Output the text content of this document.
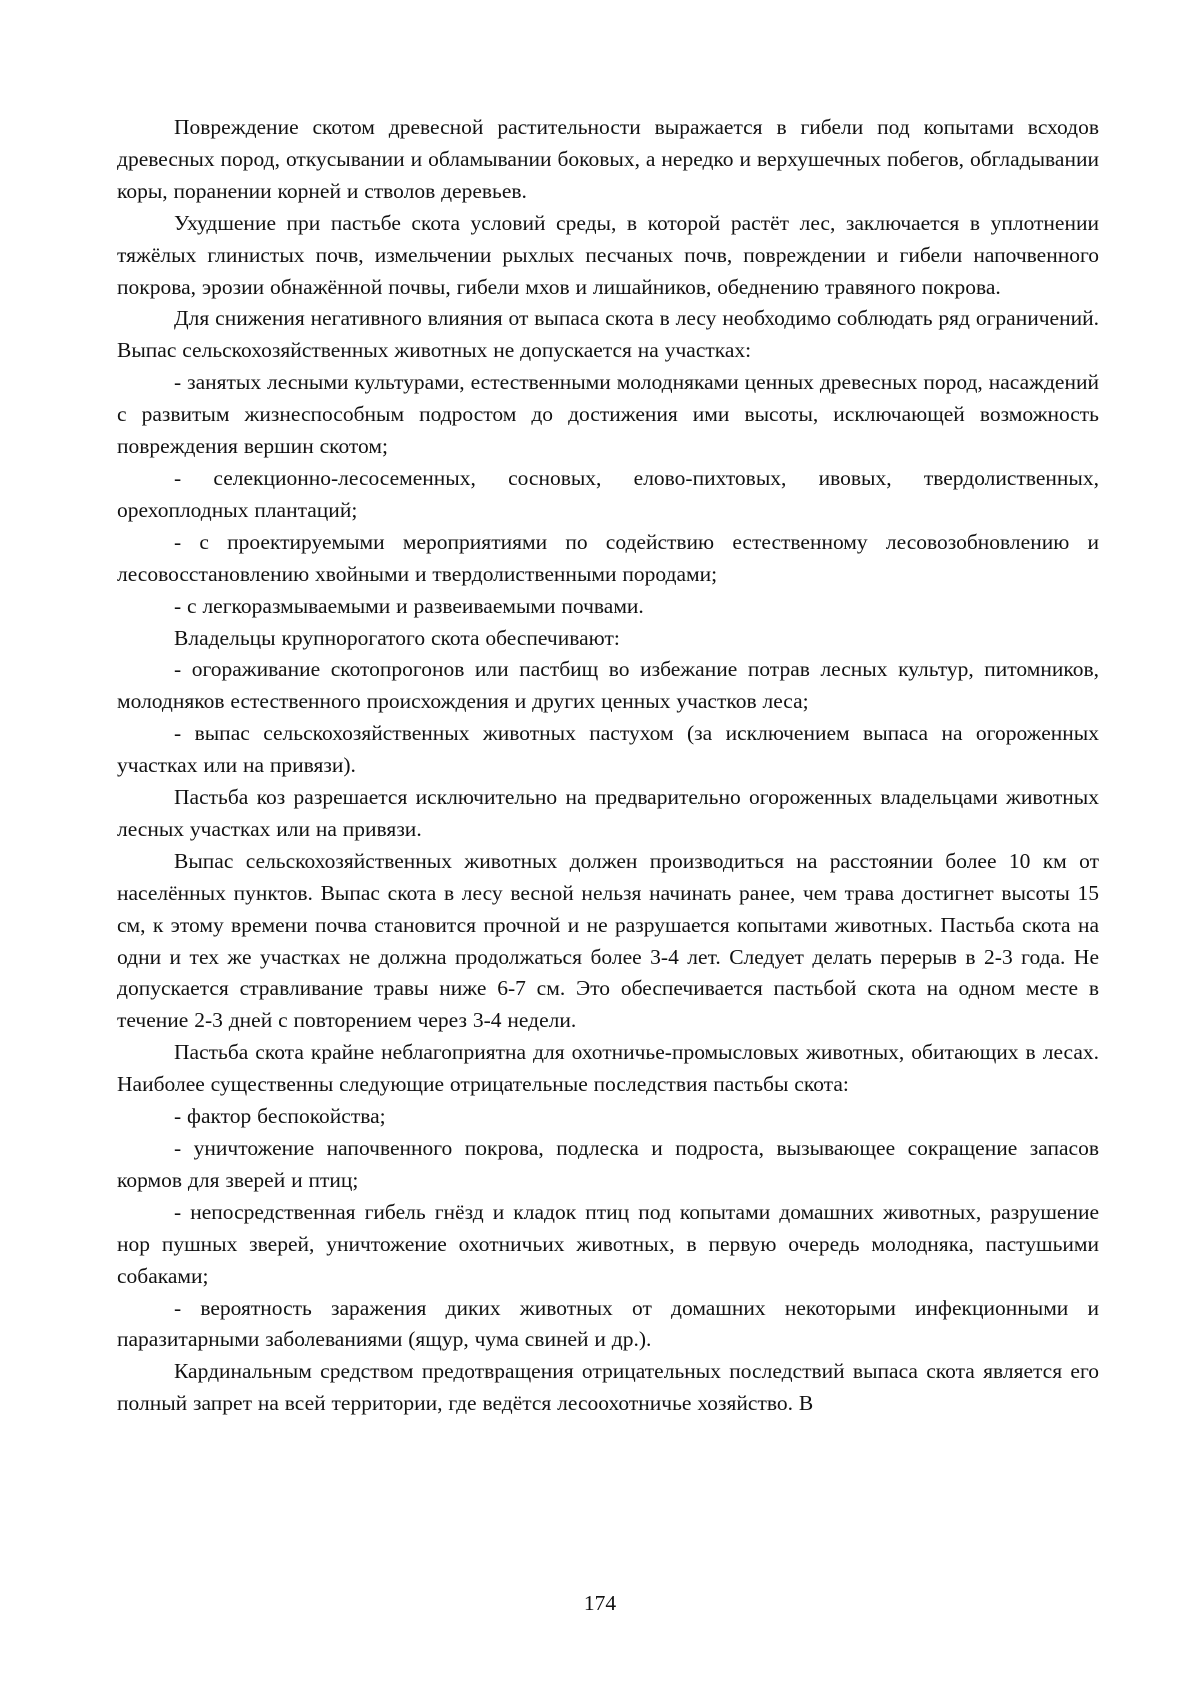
Повреждение скотом древесной растительности выражается в гибели под копытами всходов древесных пород, откусывании и обламывании боковых, а нередко и верхушечных побегов, обгладывании коры, поранении корней и стволов деревьев.

Ухудшение при пастьбе скота условий среды, в которой растёт лес, заключается в уплотнении тяжёлых глинистых почв, измельчении рыхлых песчаных почв, повреждении и гибели напочвенного покрова, эрозии обнажённой почвы, гибели мхов и лишайников, обеднению травяного покрова.

Для снижения негативного влияния от выпаса скота в лесу необходимо соблюдать ряд ограничений. Выпас сельскохозяйственных животных не допускается на участках:

- занятых лесными культурами, естественными молодняками ценных древесных пород, насаждений с развитым жизнеспособным подростом до достижения ими высоты, исключающей возможность повреждения вершин скотом;

- селекционно-лесосеменных, сосновых, елово-пихтовых, ивовых, твердолиственных, орехоплодных плантаций;

- с проектируемыми мероприятиями по содействию естественному лесовозобновлению и лесовосстановлению хвойными и твердолиственными породами;

- с легкоразмываемыми и развеиваемыми почвами.

Владельцы крупнорогатого скота обеспечивают:

- огораживание скотопрогонов или пастбищ во избежание потрав лесных культур, питомников, молодняков естественного происхождения и других ценных участков леса;

- выпас сельскохозяйственных животных пастухом (за исключением выпаса на огороженных участках или на привязи).

Пастьба коз разрешается исключительно на предварительно огороженных владельцами животных лесных участках или на привязи.

Выпас сельскохозяйственных животных должен производиться на расстоянии более 10 км от населённых пунктов. Выпас скота в лесу весной нельзя начинать ранее, чем трава достигнет высоты 15 см, к этому времени почва становится прочной и не разрушается копытами животных. Пастьба скота на одни и тех же участках не должна продолжаться более 3-4 лет. Следует делать перерыв в 2-3 года. Не допускается стравливание травы ниже 6-7 см. Это обеспечивается пастьбой скота на одном месте в течение 2-3 дней с повторением через 3-4 недели.

Пастьба скота крайне неблагоприятна для охотничье-промысловых животных, обитающих в лесах. Наиболее существенны следующие отрицательные последствия пастьбы скота:

- фактор беспокойства;

- уничтожение напочвенного покрова, подлеска и подроста, вызывающее сокращение запасов кормов для зверей и птиц;

- непосредственная гибель гнёзд и кладок птиц под копытами домашних животных, разрушение нор пушных зверей, уничтожение охотничьих животных, в первую очередь молодняка, пастушьими собаками;

- вероятность заражения диких животных от домашних некоторыми инфекционными и паразитарными заболеваниями (ящур, чума свиней и др.).

Кардинальным средством предотвращения отрицательных последствий выпаса скота является его полный запрет на всей территории, где ведётся лесоохотничье хозяйство. В

174
